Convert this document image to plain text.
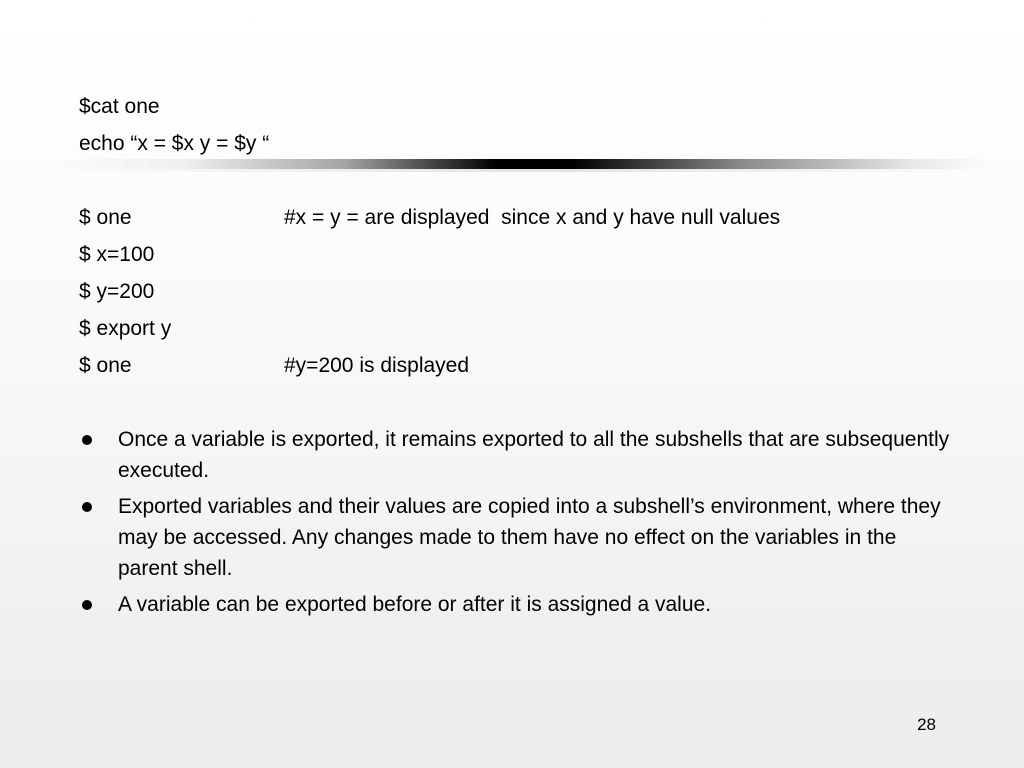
$cat one
echo “x = $x y = $y “

$ one

	#x = y = are displayed  since x and y have null values

$ x=100

$ y=200

$ export y

$ one

	#y=200 is displayed

Once a variable is exported, it remains exported to all the subshells that are subsequently executed.
Exported variables and their values are copied into a subshell’s environment, where they may be accessed. Any changes made to them have no effect on the variables in the parent shell.
A variable can be exported before or after it is assigned a value.
28
